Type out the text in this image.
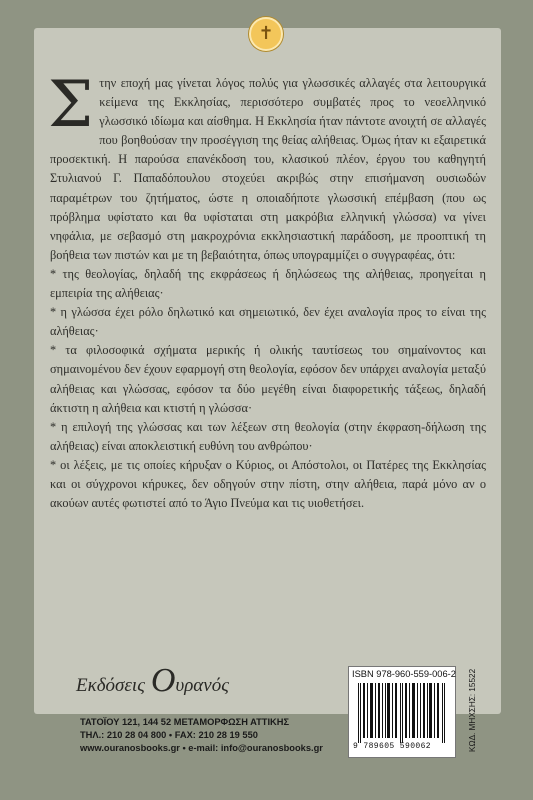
✝

Στην εποχή μας γίνεται λόγος πολύς για γλωσσικές αλλαγές στα λειτουργικά κείμενα της Εκκλησίας, περισσότερο συμβατές προς το νεοελληνικό γλωσσικό ιδίωμα και αίσθημα. Η Εκκλησία ήταν πάντοτε ανοιχτή σε αλλαγές που βοηθούσαν την προσέγγιση της θείας αλήθειας. Όμως ήταν κι εξαιρετικά προσεκτική. Η παρούσα επανέκδοση του, κλασικού πλέον, έργου του καθηγητή Στυλιανού Γ. Παπαδόπουλου στοχεύει ακριβώς στην επισήμανση ουσιωδών παραμέτρων του ζητήματος, ώστε η οποιαδήποτε γλωσσική επέμβαση (που ως πρόβλημα υφίστατο και θα υφίσταται στη μακρόβια ελληνική γλώσσα) να γίνει νηφάλια, με σεβασμό στη μακροχρόνια εκκλησιαστική παράδοση, με προοπτική τη βοήθεια των πιστών και με τη βεβαιότητα, όπως υπογραμμίζει ο συγγραφέας, ότι:

* της θεολογίας, δηλαδή της εκφράσεως ή δηλώσεως της αλήθειας, προηγείται η εμπειρία της αλήθειας·

* η γλώσσα έχει ρόλο δηλωτικό και σημειωτικό, δεν έχει αναλογία προς το είναι της αλήθειας·

* τα φιλοσοφικά σχήματα μερικής ή ολικής ταυτίσεως του σημαίνοντος και σημαινομένου δεν έχουν εφαρμογή στη θεολογία, εφόσον δεν υπάρχει αναλογία μεταξύ αλήθειας και γλώσσας, εφόσον τα δύο μεγέθη είναι διαφορετικής τάξεως, δηλαδή άκτιστη η αλήθεια και κτιστή η γλώσσα·

* η επιλογή της γλώσσας και των λέξεων στη θεολογία (στην έκφραση-δήλωση της αλήθειας) είναι αποκλειστική ευθύνη του ανθρώπου·

* οι λέξεις, με τις οποίες κήρυξαν ο Κύριος, οι Απόστολοι, οι Πατέρες της Εκκλησίας και οι σύγχρονοι κήρυκες, δεν οδηγούν στην πίστη, στην αλήθεια, παρά μόνο αν ο ακούων αυτές φωτιστεί από το Άγιο Πνεύμα και τις υιοθετήσει.

Εκδόσεις Ο υρανός
ISBN 978-960-559-006-2
9 789605 590062	ΚΩΔ. ΜΗΧΣΗΣ: 15522
ΤΑΤΟΪΟΥ 121, 144 52 ΜΕΤΑΜΟΡΦΩΣΗ ΑΤΤΙΚΗΣ
ΤΗΛ.: 210 28 04 800 • FAX: 210 28 19 550
www.ouranosbooks.gr • e-mail: info@ouranosbooks.gr
